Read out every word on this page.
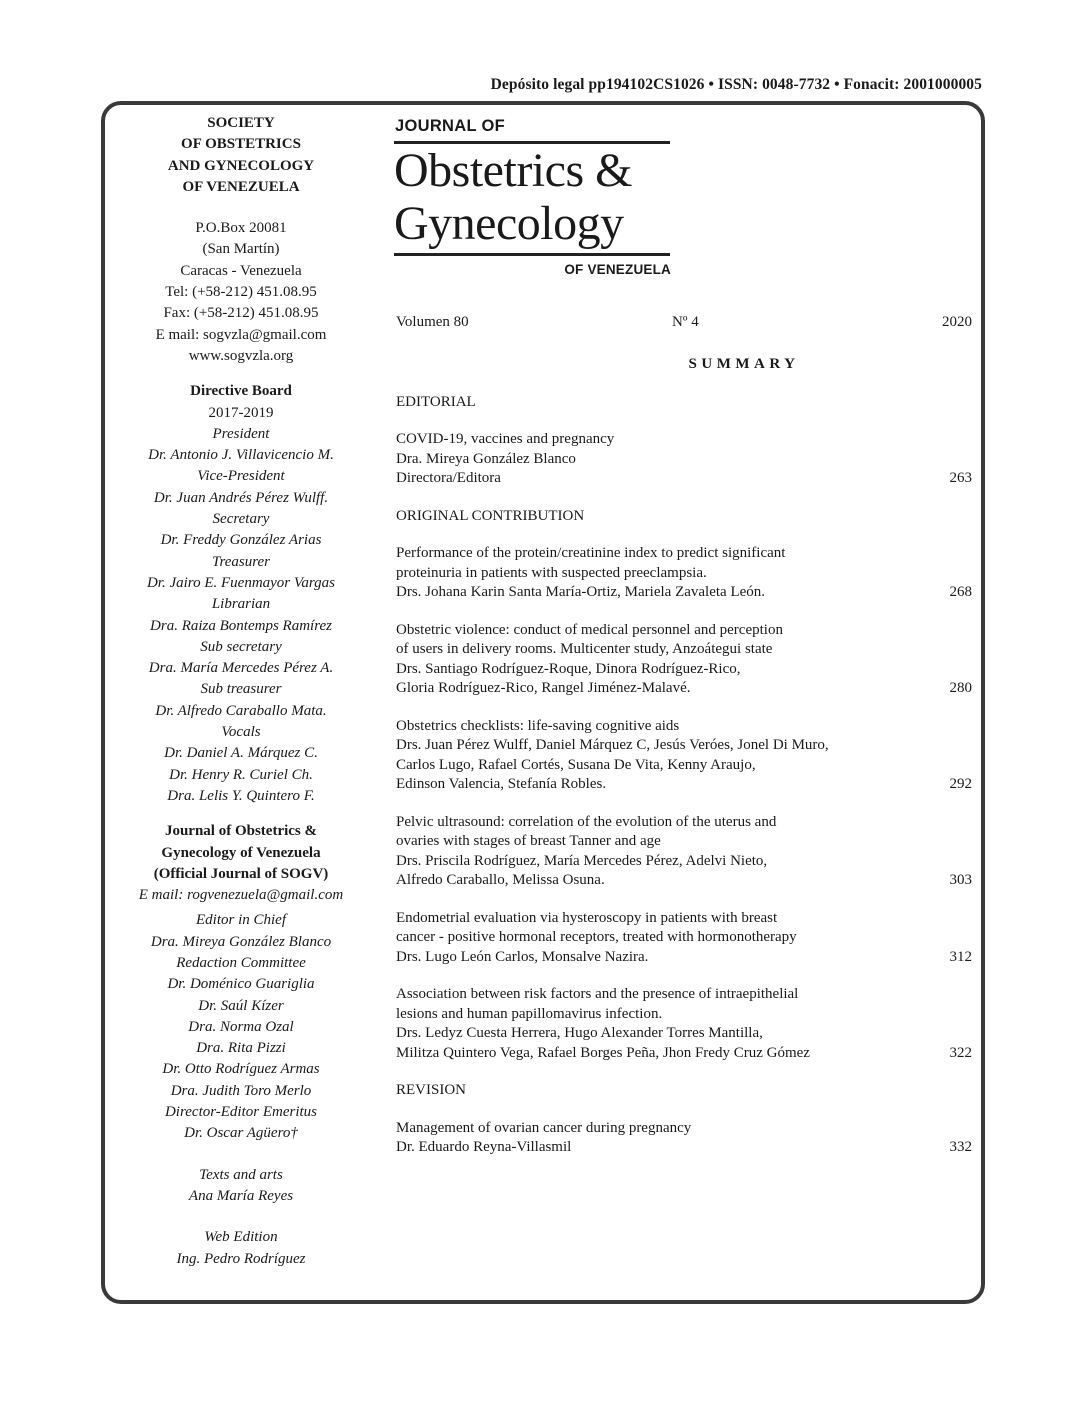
Depósito legal pp194102CS1026 • ISSN: 0048-7732 • Fonacit: 2001000005
SOCIETY
OF OBSTETRICS
AND GYNECOLOGY
OF VENEZUELA
P.O.Box 20081
(San Martín)
Caracas - Venezuela
Tel: (+58-212) 451.08.95
Fax: (+58-212) 451.08.95
E mail: sogvzla@gmail.com
www.sogvzla.org
Directive Board
2017-2019
President
Dr. Antonio J. Villavicencio M.
Vice-President
Dr. Juan Andrés Pérez Wulff.
Secretary
Dr. Freddy González Arias
Treasurer
Dr. Jairo E. Fuenmayor Vargas
Librarian
Dra. Raiza Bontemps Ramírez
Sub secretary
Dra. María Mercedes Pérez A.
Sub treasurer
Dr. Alfredo Caraballo Mata.
Vocals
Dr. Daniel A. Márquez C.
Dr. Henry R. Curiel Ch.
Dra. Lelis Y. Quintero F.
Journal of Obstetrics &
Gynecology of Venezuela
(Official Journal of SOGV)
E mail: rogvenezuela@gmail.com
Editor in Chief
Dra. Mireya González Blanco
Redaction Committee
Dr. Doménico Guariglia
Dr. Saúl Kízer
Dra. Norma Ozal
Dra. Rita Pizzi
Dr. Otto Rodríguez Armas
Dra. Judith Toro Merlo
Director-Editor Emeritus
Dr. Oscar Agüero†
Texts and arts
Ana María Reyes
Web Edition
Ing. Pedro Rodríguez
JOURNAL OF
Obstetrics &
Gynecology
OF VENEZUELA
Volumen 80	Nº 4	2020
SUMMARY
EDITORIAL
COVID-19, vaccines and pregnancy
Dra. Mireya González Blanco
Directora/Editora	263
ORIGINAL CONTRIBUTION
Performance of the protein/creatinine index to predict significant
proteinuria in patients with suspected preeclampsia.
Drs. Johana Karin Santa María-Ortiz, Mariela Zavaleta León.	268
Obstetric violence: conduct of medical personnel and perception
of users in delivery rooms. Multicenter study, Anzoátegui state
Drs. Santiago Rodríguez-Roque, Dinora Rodríguez-Rico,
Gloria Rodríguez-Rico, Rangel Jiménez-Malavé.	280
Obstetrics checklists: life-saving cognitive aids
Drs. Juan Pérez Wulff, Daniel Márquez C, Jesús Veróes, Jonel Di Muro,
Carlos Lugo, Rafael Cortés, Susana De Vita, Kenny Araujo,
Edinson Valencia, Stefanía Robles.	292
Pelvic ultrasound: correlation of the evolution of the uterus and
ovaries with stages of breast Tanner and age
Drs. Priscila Rodríguez, María Mercedes Pérez, Adelvi Nieto,
Alfredo Caraballo, Melissa Osuna.	303
Endometrial evaluation via hysteroscopy in patients with breast
cancer - positive hormonal receptors, treated with hormonotherapy
Drs. Lugo León Carlos, Monsalve Nazira.	312
Association between risk factors and the presence of intraepithelial
lesions and human papillomavirus infection.
Drs. Ledyz Cuesta Herrera, Hugo Alexander Torres Mantilla,
Militza Quintero Vega, Rafael Borges Peña, Jhon Fredy Cruz Gómez	322
REVISION
Management of ovarian cancer during pregnancy
Dr. Eduardo Reyna-Villasmil	332
